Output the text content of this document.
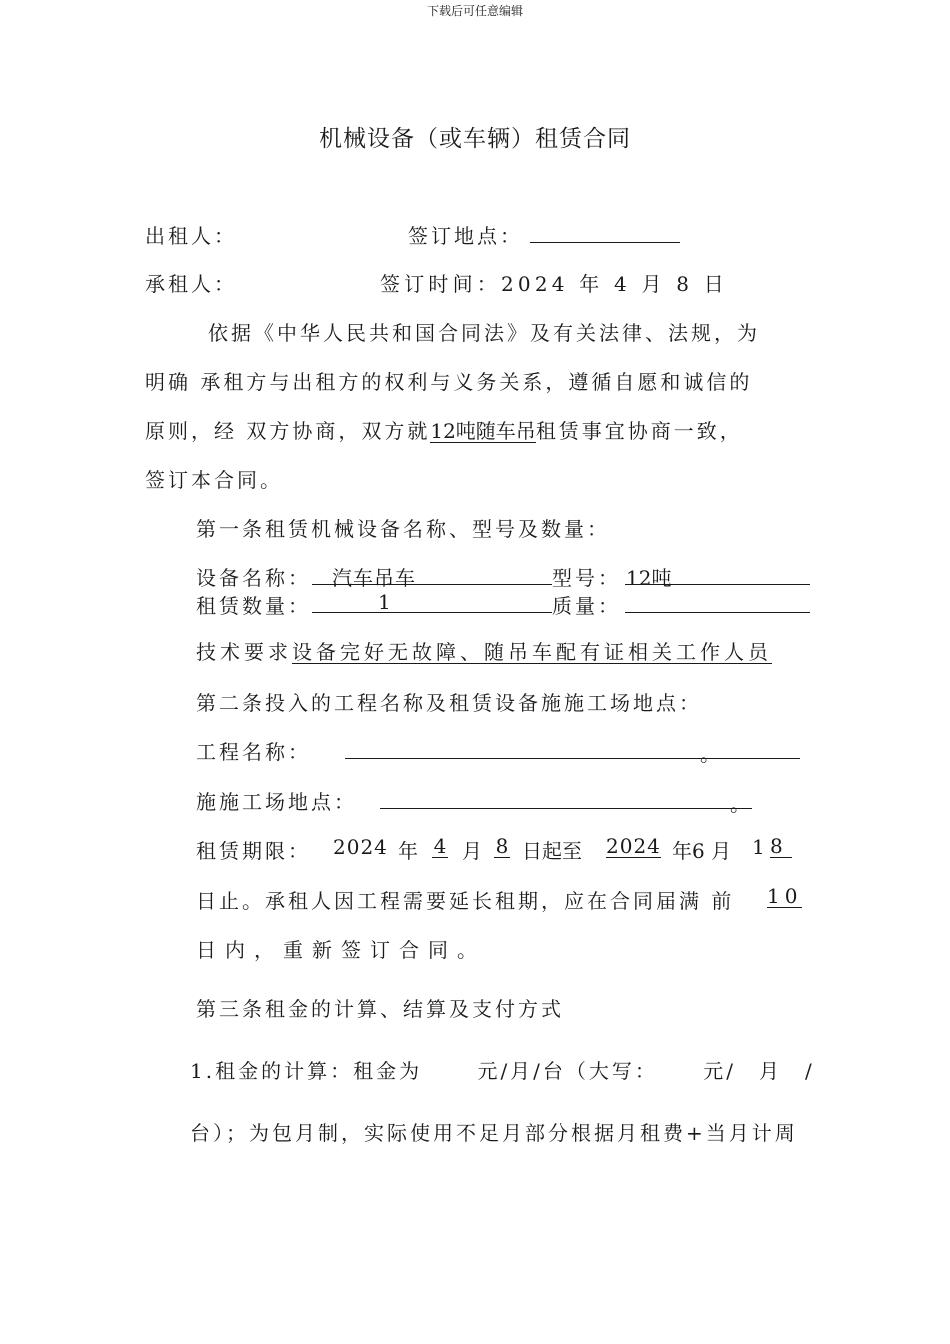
下载后可任意编辑
机械设备（或车辆）租赁合同
出租人：	签订地点：
承租人：	签订时间：2024 年 4 月 8 日
依据《中华人民共和国合同法》及有关法律、法规，为
明确 承租方与出租方的权利与义务关系，遵循自愿和诚信的
原则，经 双方协商，双方就12吨随车吊租赁事宜协商一致，
签订本合同。
第一条租赁机械设备名称、型号及数量：
设备名称： 汽车吊车	型号： 12吨
租赁数量：	1	质量：
技术要求设备完好无故障、随吊车配有证相关工作人员
第二条投入的工程名称及租赁设备施施工场地点：
工程名称：	。
施施工场地点：	。
租赁期限： 2024 年 4 月 8 日起至 2024 年6 月 1 8
日止。承租人因工程需要延长租期，应在合同届满 前 10
日内，重新签订合同。
第三条租金的计算、结算及支付方式
1.租金的计算：租金为　　 元/月/台（大写：　　 元/　月　/
台）；为包月制，实际使用不足月部分根据月租费+当月计周
